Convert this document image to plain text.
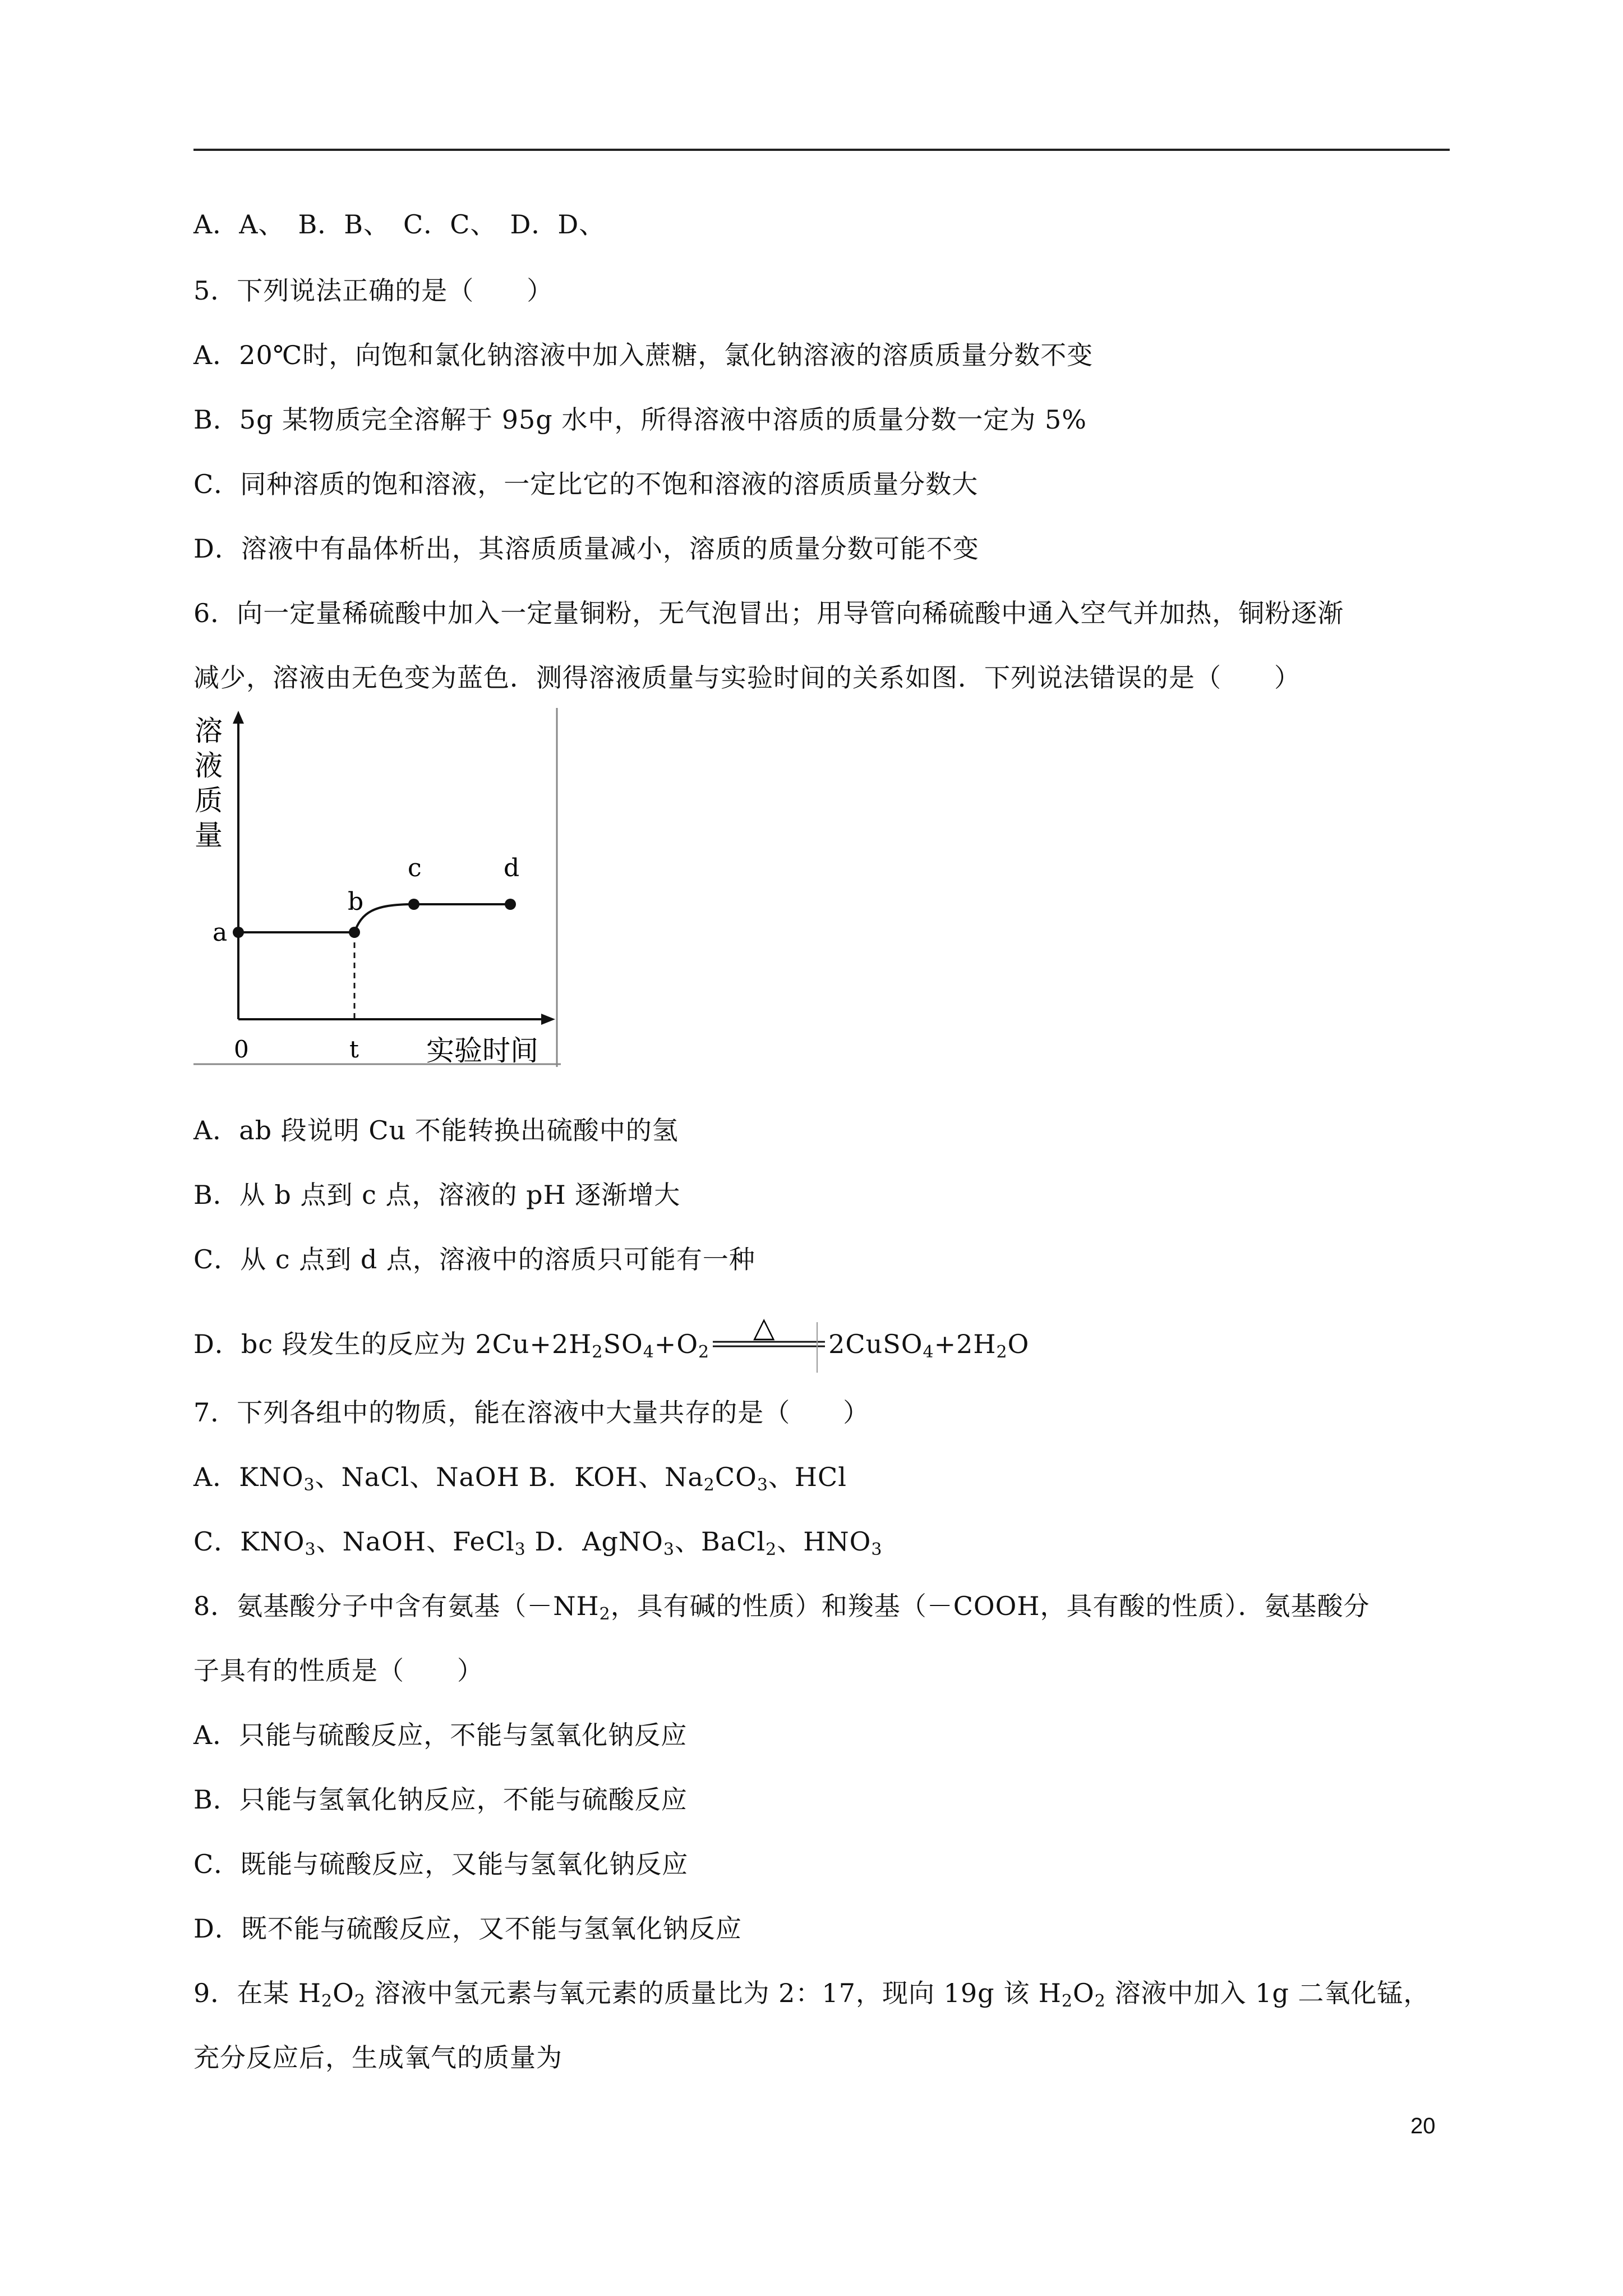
A．A、　B．B、　C．C、　D．D、
5．下列说法正确的是（　　）
A．20℃时，向饱和氯化钠溶液中加入蔗糖，氯化钠溶液的溶质质量分数不变
B．5g 某物质完全溶解于 95g 水中，所得溶液中溶质的质量分数一定为 5%
C．同种溶质的饱和溶液，一定比它的不饱和溶液的溶质质量分数大
D．溶液中有晶体析出，其溶质质量减小，溶质的质量分数可能不变
6．向一定量稀硫酸中加入一定量铜粉，无气泡冒出；用导管向稀硫酸中通入空气并加热，铜粉逐渐
减少，溶液由无色变为蓝色．测得溶液质量与实验时间的关系如图．下列说法错误的是（　　）
溶
液
质
量
a
b
c	d
0	t 实验时间
A．ab 段说明 Cu 不能转换出硫酸中的氢
B．从 b 点到 c 点，溶液的 pH 逐渐增大
C．从 c 点到 d 点，溶液中的溶质只可能有一种
D．bc 段发生的反应为 $2Cu+2H_2SO_4+O_2$
△
$2CuSO_4+2H_2O$
7．下列各组中的物质，能在溶液中大量共存的是（　　）
A．$KNO_3$、NaCl、NaOH B．KOH、$Na_2CO_3$、HCl
C．$KNO_3$、NaOH、FeCl$_3$ D．AgNO$_3$、BaCl$_2$、$HNO_3$
8．氨基酸分子中含有氨基（$-NH_2$，具有碱的性质）和羧基（－COOH，具有酸的性质）．氨基酸分
子具有的性质是（　　）
A．只能与硫酸反应，不能与氢氧化钠反应
B．只能与氢氧化钠反应，不能与硫酸反应
C．既能与硫酸反应，又能与氢氧化钠反应
D．既不能与硫酸反应，又不能与氢氧化钠反应
9．在某 $H_2O_2$ 溶液中氢元素与氧元素的质量比为 2：17，现向 19g 该 $H_2O_2$ 溶液中加入 1g 二氧化锰，
充分反应后，生成氧气的质量为
20
